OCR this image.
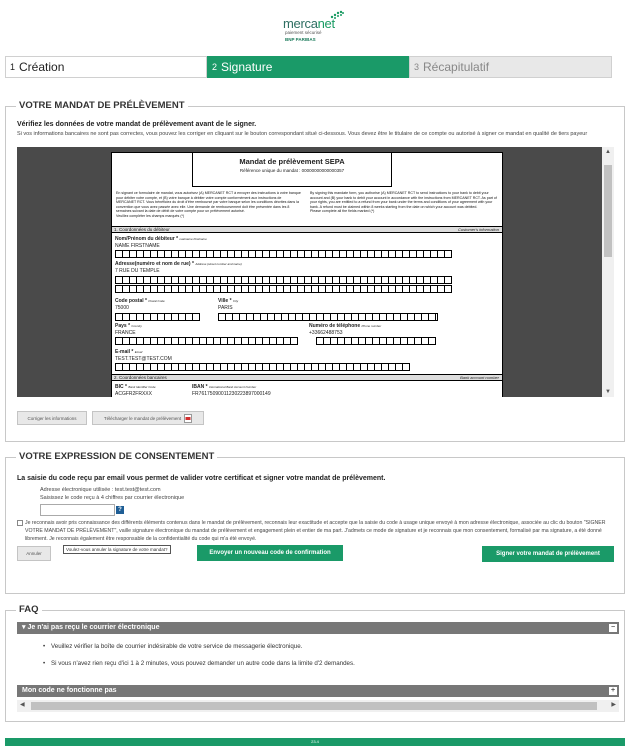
mercanet
paiement sécurisé
BNP PARIBAS
1 Création	2 Signature	3 Récapitulatif
VOTRE MANDAT DE PRÉLÈVEMENT
Vérifiez les données de votre mandat de prélèvement avant de le signer.
Si vos informations bancaires ne sont pas correctes, vous pouvez les corriger en cliquant sur le bouton correspondant situé ci-dessous. Vous devez être le titulaire de ce compte ou autorisé à signer ce mandat en qualité de tiers payeur
Mandat de prélèvement SEPA
Référence unique du mandat : 00000000000000357
En signant ce formulaire de mandat, vous autorisez (A) MERCANET RCT à envoyer des instructions à votre banque pour débiter votre compte, et (B) votre banque à débiter votre compte conformément aux instructions de MERCANET RCT. Vous bénéficiez du droit d'être remboursé par votre banque selon les conditions décrites dans la convention que vous avez passée avec elle. Une demande de remboursement doit être présentée dans les 8 semaines suivant la date de débit de votre compte pour un prélèvement autorisé.
Veuillez compléter les champs marqués (*)
By signing this mandate form, you authorise (A) MERCANET RCT to send instructions to your bank to debit your account and (B) your bank to debit your account in accordance with the instructions from MERCANET RCT. As part of your rights, you are entitled to a refund from your bank under the terms and conditions of your agreement with your bank. A refund must be claimed within 8 weeks starting from the date on which your account was debited.
Please complete all the fields marked (*)
1. Coordonnées du débiteur	Customer's information
Nom/Prénom du débiteur * Lastname Firstname
NAME FIRSTNAME
Adresse(numéro et nom de rue) * Address (street number and name)
7 RUE DU TEMPLE
Code postal * Postal Code
75000
Ville * City
PARIS
Pays * Country
FRANCE
Numéro de téléphone Phone number
+33662488753
E-mail * Email
TEST.TEST@TEST.COM
2. Coordonnées bancaires	Bank account number
BIC * Bank Identifier Code
ACGFR2FRXXX
IBAN * International Bank Account Number
FR76175090011230223897000149
▲
▼
Corriger les informations	Télécharger le mandat de prélèvement
VOTRE EXPRESSION DE CONSENTEMENT
La saisie du code reçu par email vous permet de valider votre certificat et signer votre mandat de prélèvement.
Adresse électronique utilisée : test.test@test.com
Saisissez le code reçu à 4 chiffres par courrier électronique
?
Je reconnais avoir pris connaissance des différents éléments contenus dans le mandat de prélèvement, reconnais leur exactitude et accepte que la saisie du code à usage unique envoyé à mon adresse électronique, associée au clic du bouton "SIGNER VOTRE MANDAT DE PRÉLÈVEMENT", vaille signature électronique du mandat de prélèvement et engagement plein et entier de ma part. J'admets ce mode de signature et je reconnais que mon consentement, formalisé par ma signature, a été donné librement. Je reconnais également être responsable de la confidentialité du code qui m'a été envoyé.
Annuler
Voulez-vous annuler la signature de votre mandat?
Envoyer un nouveau code de confirmation	Signer votre mandat de prélèvement
FAQ
▾ Je n'ai pas reçu le courrier électronique	−
• Veuillez vérifier la boîte de courrier indésirable de votre service de messagerie électronique.
• Si vous n'avez rien reçu d'ici 1 à 2 minutes, vous pouvez demander un autre code dans la limite d'2 demandes.
Mon code ne fonctionne pas	+
◀	▶
23.4
